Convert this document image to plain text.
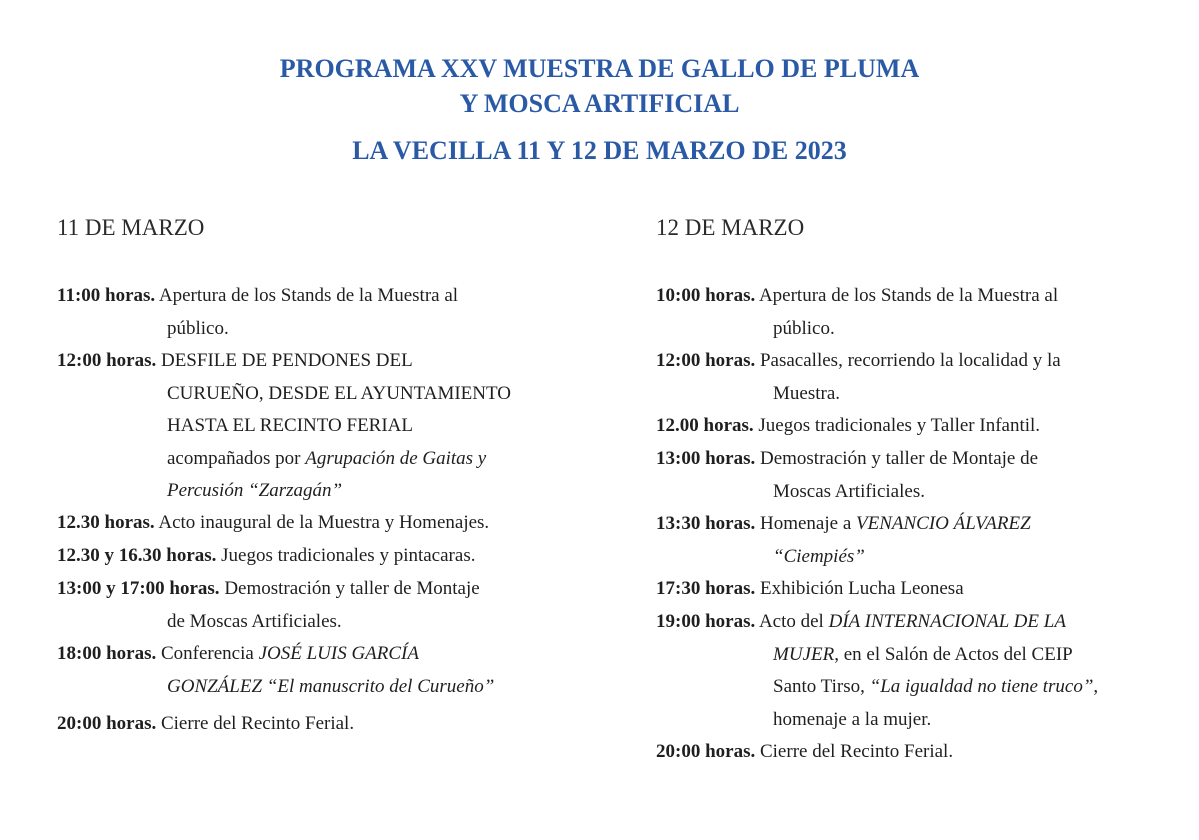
PROGRAMA XXV MUESTRA DE GALLO DE PLUMA
Y MOSCA ARTIFICIAL
LA VECILLA 11 Y 12 DE MARZO DE 2023
11 DE MARZO
11:00 horas. Apertura de los Stands de la Muestra al
público.
12:00 horas. DESFILE DE PENDONES DEL
CURUEÑO, DESDE EL AYUNTAMIENTO
HASTA EL RECINTO FERIAL
acompañados por Agrupación de Gaitas y
Percusión “Zarzagán”
12.30 horas. Acto inaugural de la Muestra y Homenajes.
12.30 y 16.30 horas. Juegos tradicionales y pintacaras.
13:00 y 17:00 horas. Demostración y taller de Montaje
de Moscas Artificiales.
18:00 horas. Conferencia JOSÉ LUIS GARCÍA
GONZÁLEZ “El manuscrito del Curueño”
20:00 horas. Cierre del Recinto Ferial.
12 DE MARZO
10:00 horas. Apertura de los Stands de la Muestra al
público.
12:00 horas. Pasacalles, recorriendo la localidad y la
Muestra.
12.00 horas. Juegos tradicionales y Taller Infantil.
13:00 horas. Demostración y taller de Montaje de
Moscas Artificiales.
13:30 horas. Homenaje a VENANCIO ÁLVAREZ
“Ciempiés”
17:30 horas. Exhibición Lucha Leonesa
19:00 horas. Acto del DÍA INTERNACIONAL DE LA
MUJER, en el Salón de Actos del CEIP
Santo Tirso, “La igualdad no tiene truco”,
homenaje a la mujer.
20:00 horas. Cierre del Recinto Ferial.
